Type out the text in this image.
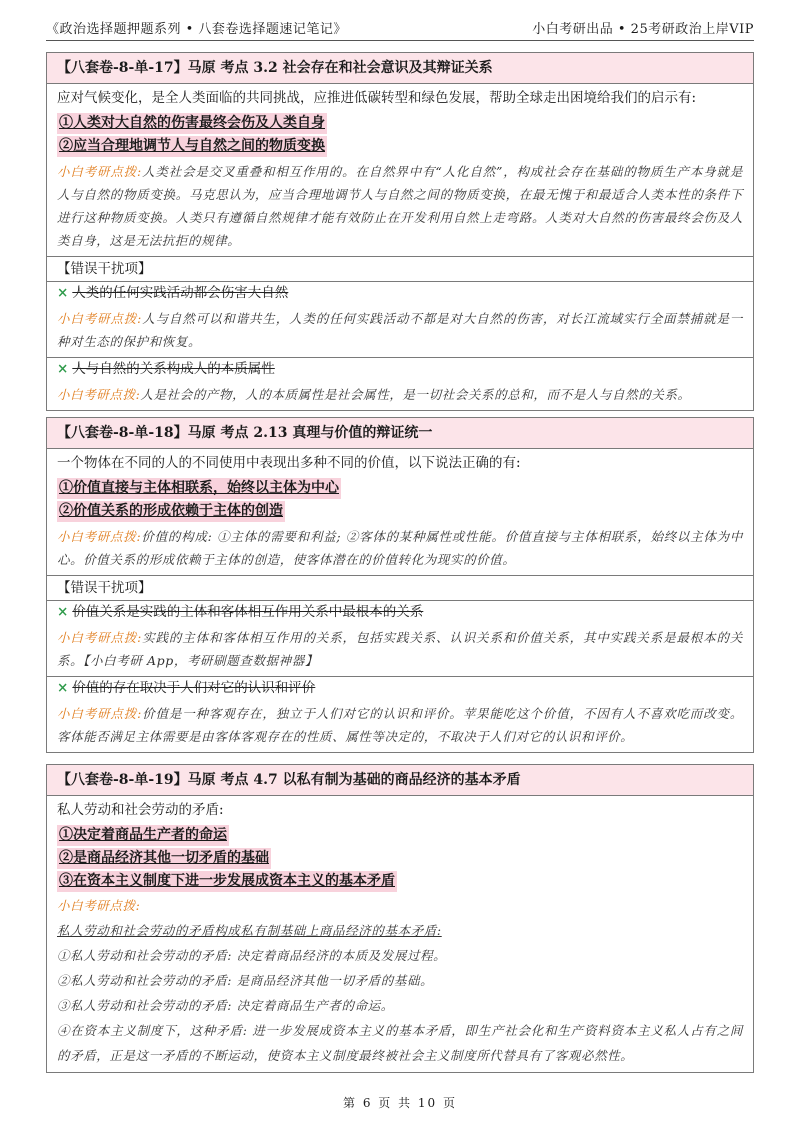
《政治选择题押题系列 • 八套卷选择题速记笔记》	小白考研出品 • 25考研政治上岸VIP
【八套卷-8-单-17】马原 考点 3.2 社会存在和社会意识及其辩证关系
应对气候变化，是全人类面临的共同挑战，应推进低碳转型和绿色发展，帮助全球走出困境给我们的启示有:
①人类对大自然的伤害最终会伤及人类自身
②应当合理地调节人与自然之间的物质变换
小白考研点拨:人类社会是交叉重叠和相互作用的。在自然界中有“人化自然”，构成社会存在基础的物质生产本身就是人与自然的物质变换。马克思认为，应当合理地调节人与自然之间的物质变换，在最无愧于和最适合人类本性的条件下进行这种物质变换。人类只有遵循自然规律才能有效防止在开发利用自然上走弯路。人类对大自然的伤害最终会伤及人类自身，这是无法抗拒的规律。
【错误干扰项】
× 人类的任何实践活动都会伤害大自然
小白考研点拨:人与自然可以和谐共生，人类的任何实践活动不都是对大自然的伤害，对长江流域实行全面禁捕就是一种对生态的保护和恢复。
× 人与自然的关系构成人的本质属性
小白考研点拨:人是社会的产物，人的本质属性是社会属性，是一切社会关系的总和，而不是人与自然的关系。
【八套卷-8-单-18】马原 考点 2.13 真理与价值的辩证统一
一个物体在不同的人的不同使用中表现出多种不同的价值，以下说法正确的有:
①价值直接与主体相联系，始终以主体为中心
②价值关系的形成依赖于主体的创造
小白考研点拨:价值的构成: ①主体的需要和利益; ②客体的某种属性或性能。价值直接与主体相联系，始终以主体为中心。价值关系的形成依赖于主体的创造，使客体潜在的价值转化为现实的价值。
【错误干扰项】
× 价值关系是实践的主体和客体相互作用关系中最根本的关系
小白考研点拨:实践的主体和客体相互作用的关系，包括实践关系、认识关系和价值关系，其中实践关系是最根本的关系。【小白考研 App，考研刷题查数据神器】
× 价值的存在取决于人们对它的认识和评价
小白考研点拨:价值是一种客观存在，独立于人们对它的认识和评价。苹果能吃这个价值，不因有人不喜欢吃而改变。客体能否满足主体需要是由客体客观存在的性质、属性等决定的，不取决于人们对它的认识和评价。
【八套卷-8-单-19】马原 考点 4.7 以私有制为基础的商品经济的基本矛盾
私人劳动和社会劳动的矛盾:
①决定着商品生产者的命运
②是商品经济其他一切矛盾的基础
③在资本主义制度下进一步发展成资本主义的基本矛盾
小白考研点拨:
私人劳动和社会劳动的矛盾构成私有制基础上商品经济的基本矛盾:
①私人劳动和社会劳动的矛盾: 决定着商品经济的本质及发展过程。
②私人劳动和社会劳动的矛盾: 是商品经济其他一切矛盾的基础。
③私人劳动和社会劳动的矛盾: 决定着商品生产者的命运。
④在资本主义制度下，这种矛盾: 进一步发展成资本主义的基本矛盾，即生产社会化和生产资料资本主义私人占有之间的矛盾，正是这一矛盾的不断运动，使资本主义制度最终被社会主义制度所代替具有了客观必然性。
第 6 页 共 10 页
